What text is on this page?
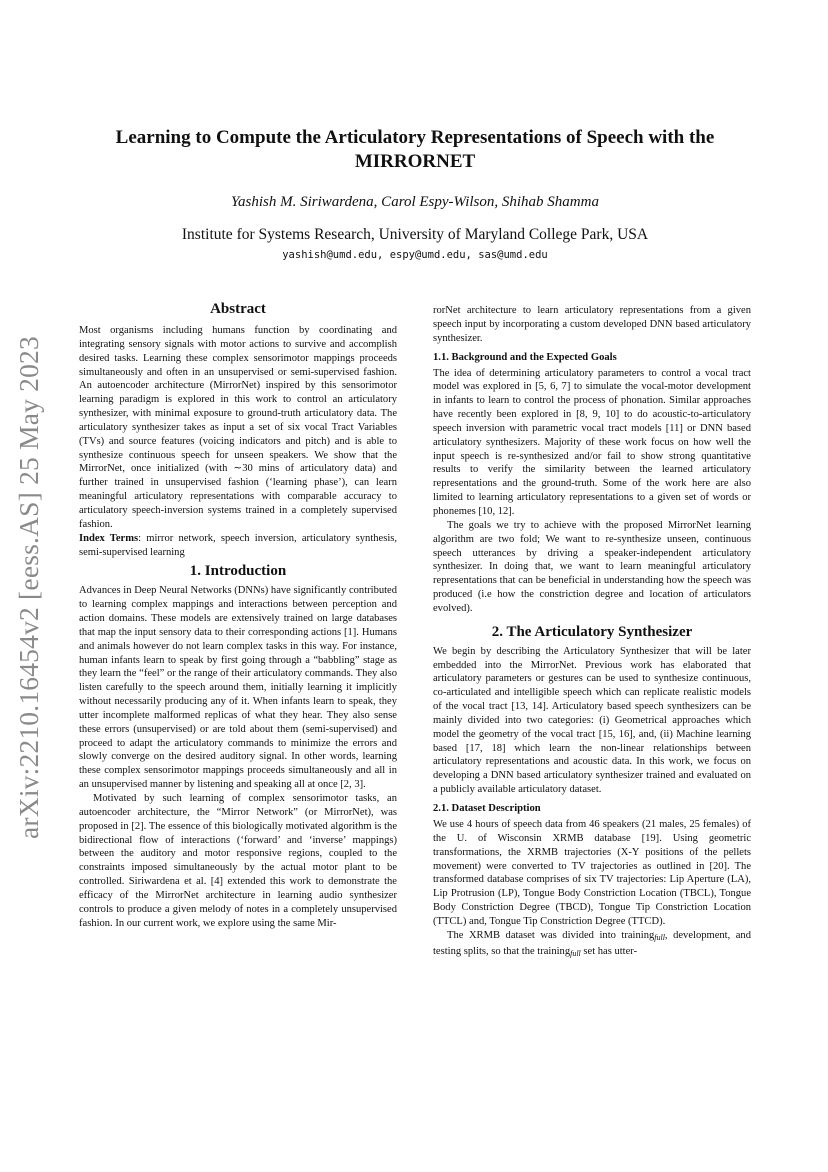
arXiv:2210.16454v2 [eess.AS] 25 May 2023
Learning to Compute the Articulatory Representations of Speech with the
MIRRORNET
Yashish M. Siriwardena, Carol Espy-Wilson, Shihab Shamma
Institute for Systems Research, University of Maryland College Park, USA
yashish@umd.edu, espy@umd.edu, sas@umd.edu
Abstract

Most organisms including humans function by coordinating and integrating sensory signals with motor actions to survive and accomplish desired tasks. Learning these complex sensorimotor mappings proceeds simultaneously and often in an unsupervised or semi-supervised fashion. An autoencoder architecture (MirrorNet) inspired by this sensorimotor learning paradigm is explored in this work to control an articulatory synthesizer, with minimal exposure to ground-truth articulatory data. The articulatory synthesizer takes as input a set of six vocal Tract Variables (TVs) and source features (voicing indicators and pitch) and is able to synthesize continuous speech for unseen speakers. We show that the MirrorNet, once initialized (with ∼30 mins of articulatory data) and further trained in unsupervised fashion (‘learning phase’), can learn meaningful articulatory representations with comparable accuracy to articulatory speech-inversion systems trained in a completely supervised fashion.

Index Terms: mirror network, speech inversion, articulatory synthesis, semi-supervised learning

1. Introduction

Advances in Deep Neural Networks (DNNs) have significantly contributed to learning complex mappings and interactions between perception and action domains. These models are extensively trained on large databases that map the input sensory data to their corresponding actions [1]. Humans and animals however do not learn complex tasks in this way. For instance, human infants learn to speak by first going through a “babbling” stage as they learn the “feel” or the range of their articulatory commands. They also listen carefully to the speech around them, initially learning it implicitly without necessarily producing any of it. When infants learn to speak, they utter incomplete malformed replicas of what they hear. They also sense these errors (unsupervised) or are told about them (semi-supervised) and proceed to adapt the articulatory commands to minimize the errors and slowly converge on the desired auditory signal. In other words, learning these complex sensorimotor mappings proceeds simultaneously and all in an unsupervised manner by listening and speaking all at once [2, 3].

Motivated by such learning of complex sensorimotor tasks, an autoencoder architecture, the “Mirror Network” (or MirrorNet), was proposed in [2]. The essence of this biologically motivated algorithm is the bidirectional flow of interactions (‘forward’ and ‘inverse’ mappings) between the auditory and motor responsive regions, coupled to the constraints imposed simultaneously by the actual motor plant to be controlled. Siriwardena et al. [4] extended this work to demonstrate the efficacy of the MirrorNet architecture in learning audio synthesizer controls to produce a given melody of notes in a completely unsupervised fashion. In our current work, we explore using the same Mir-

rorNet architecture to learn articulatory representations from a given speech input by incorporating a custom developed DNN based articulatory synthesizer.

1.1. Background and the Expected Goals

The idea of determining articulatory parameters to control a vocal tract model was explored in [5, 6, 7] to simulate the vocal-motor development in infants to learn to control the process of phonation. Similar approaches have recently been explored in [8, 9, 10] to do acoustic-to-articulatory speech inversion with parametric vocal tract models [11] or DNN based articulatory synthesizers. Majority of these work focus on how well the input speech is re-synthesized and/or fail to show strong quantitative results to verify the similarity between the learned articulatory representations and the ground-truth. Some of the work here are also limited to learning articulatory representations to a given set of words or phonemes [10, 12].

The goals we try to achieve with the proposed MirrorNet learning algorithm are two fold; We want to re-synthesize unseen, continuous speech utterances by driving a speaker-independent articulatory synthesizer. In doing that, we want to learn meaningful articulatory representations that can be beneficial in understanding how the speech was produced (i.e how the constriction degree and location of articulators evolved).

2. The Articulatory Synthesizer

We begin by describing the Articulatory Synthesizer that will be later embedded into the MirrorNet. Previous work has elaborated that articulatory parameters or gestures can be used to synthesize continuous, co-articulated and intelligible speech which can replicate realistic models of the vocal tract [13, 14]. Articulatory based speech synthesizers can be mainly divided into two categories: (i) Geometrical approaches which model the geometry of the vocal tract [15, 16], and, (ii) Machine learning based [17, 18] which learn the non-linear relationships between articulatory representations and acoustic data. In this work, we focus on developing a DNN based articulatory synthesizer trained and evaluated on a publicly available articulatory dataset.

2.1. Dataset Description

We use 4 hours of speech data from 46 speakers (21 males, 25 females) of the U. of Wisconsin XRMB database [19]. Using geometric transformations, the XRMB trajectories (X-Y positions of the pellets movement) were converted to TV trajectories as outlined in [20]. The transformed database comprises of six TV trajectories: Lip Aperture (LA), Lip Protrusion (LP), Tongue Body Constriction Location (TBCL), Tongue Body Constriction Degree (TBCD), Tongue Tip Constriction Location (TTCL) and, Tongue Tip Constriction Degree (TTCD).

The XRMB dataset was divided into training$_{full}$, development, and testing splits, so that the training$_{full}$ set has utter-
